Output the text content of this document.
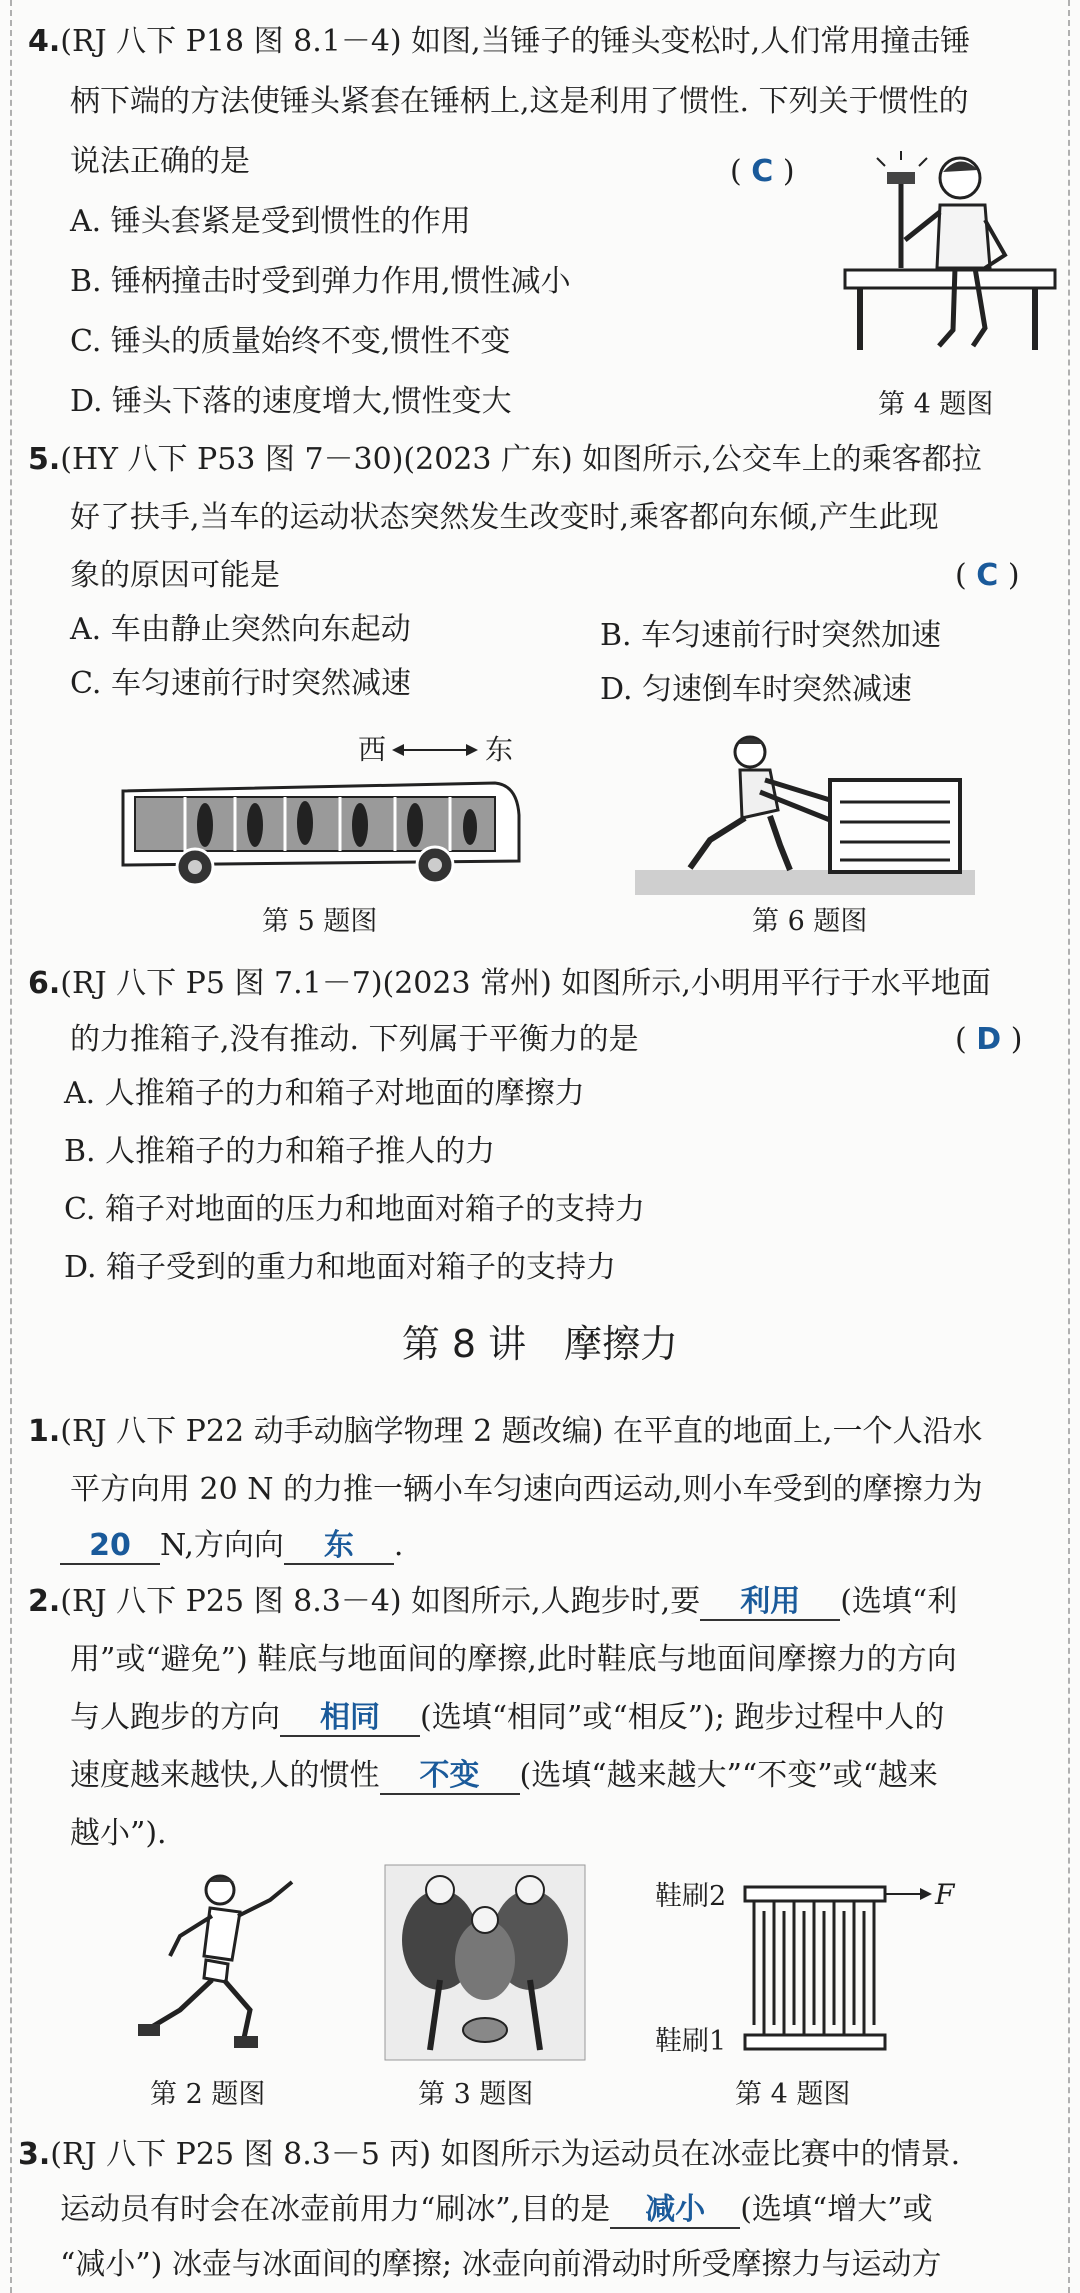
4.(RJ 八下 P18 图 8.1－4) 如图,当锤子的锤头变松时,人们常用撞击锤
柄下端的方法使锤头紧套在锤柄上,这是利用了惯性. 下列关于惯性的
说法正确的是	( C )
A. 锤头套紧是受到惯性的作用
B. 锤柄撞击时受到弹力作用,惯性减小
C. 锤头的质量始终不变,惯性不变
D. 锤头下落的速度增大,惯性变大	第 4 题图
5.(HY 八下 P53 图 7－30)(2023 广东) 如图所示,公交车上的乘客都拉
好了扶手,当车的运动状态突然发生改变时,乘客都向东倾,产生此现
象的原因可能是	( C )
A. 车由静止突然向东起动	B. 车匀速前行时突然加速
C. 车匀速前行时突然减速	D. 匀速倒车时突然减速
西	东
第 5 题图	第 6 题图
6.(RJ 八下 P5 图 7.1－7)(2023 常州) 如图所示,小明用平行于水平地面
的力推箱子,没有推动. 下列属于平衡力的是	( D )
A. 人推箱子的力和箱子对地面的摩擦力
B. 人推箱子的力和箱子推人的力
C. 箱子对地面的压力和地面对箱子的支持力
D. 箱子受到的重力和地面对箱子的支持力
第 8 讲　摩擦力
1.(RJ 八下 P22 动手动脑学物理 2 题改编) 在平直的地面上,一个人沿水
平方向用 20 N 的力推一辆小车匀速向西运动,则小车受到的摩擦力为
20 N,方向向 东 .
2.(RJ 八下 P25 图 8.3－4) 如图所示,人跑步时,要 利用 (选填“利
用”或“避免”) 鞋底与地面间的摩擦,此时鞋底与地面间摩擦力的方向
与人跑步的方向 相同 (选填“相同”或“相反”); 跑步过程中人的
速度越来越快,人的惯性 不变 (选填“越来越大”“不变”或“越来
越小”).
第 2 题图	第 3 题图
鞋刷2
鞋刷1
F
第 4 题图
3.(RJ 八下 P25 图 8.3－5 丙) 如图所示为运动员在冰壶比赛中的情景.
运动员有时会在冰壶前用力“刷冰”,目的是 减小 (选填“增大”或
“减小”) 冰壶与冰面间的摩擦; 冰壶向前滑动时所受摩擦力与运动方
